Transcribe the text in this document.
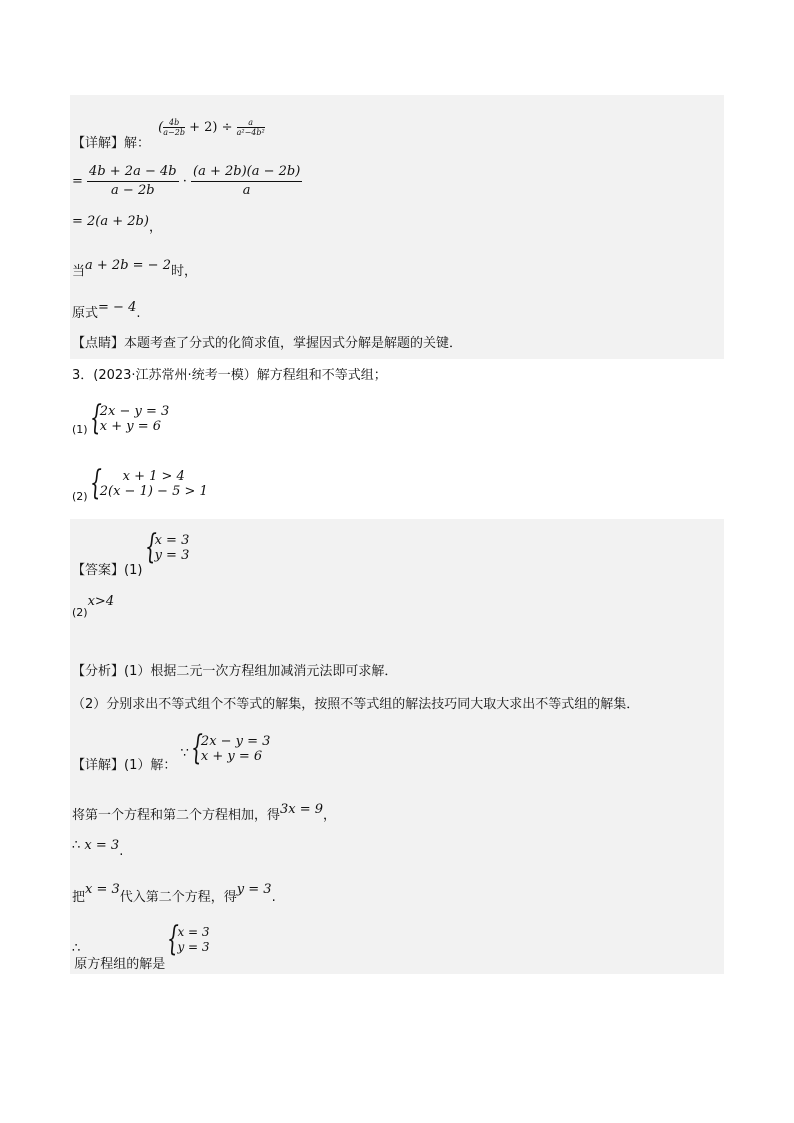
【详解】解： ( $\frac{4b}{a-2b} + 2) \div \frac{a}{\text{a²−4b²}}$
= $\frac{4b + 2a - 4b}{a - 2b} \cdot \frac{(a + 2b)(a - 2b)}{a}$
= 2(a + 2b)，
当a + 2b = − 2时，
原式= − 4.
【点睛】本题考查了分式的化简求值，掌握因式分解是解题的关键．
3．(2023·江苏常州·统考一模）解方程组和不等式组；
$_{(1)}$ {
2x − y = 3
x + y = 6
$_{(2)}$ {	x + 1 > 4
2(x − 1) − 5 > 1
【答案】(1)
{
x = 3
y = 3
$_{(2)}$x>4
【分析】(1）根据二元一次方程组加减消元法即可求解．
（2）分别求出不等式组个不等式的解集，按照不等式组的解法技巧同大取大求出不等式组的解集．
【详解】(1）解： ∵ {
2x − y = 3
x + y = 6
将第一个方程和第二个方程相加，得3x = 9，
∴ x = 3.
把x = 3代入第二个方程，得y = 3.
∴原方程组的解是
{
x = 3
y = 3
